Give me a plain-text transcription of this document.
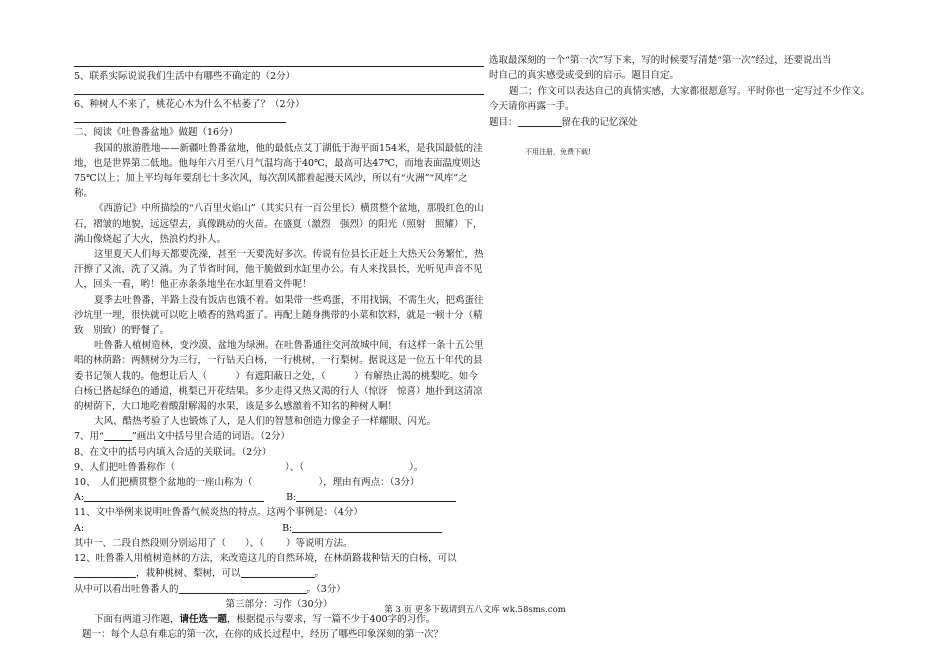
5、联系实际说说我们生活中有哪些不确定的（2分）
6、种树人不来了，桃花心木为什么不枯萎了？（2分）
二、阅读《吐鲁番盆地》做题（16分）
我国的旅游胜地——新疆吐鲁番盆地，他的最低点艾丁湖低于海平面154米，是我国最低的洼地，也是世界第二低地。他每年六月至八月气温均高于40℃，最高可达47℃，而地表面温度则达75℃以上；加上平均每年要刮七十多次风，每次刮风都着起漫天风沙，所以有“火洲”“风库”之称。
《西游记》中所描绘的“八百里火焰山”（其实只有一百公里长）横贯整个盆地，那殷红色的山石，褶皱的地貌，远远望去，真像跳动的火苗。在盛夏（激烈　强烈）的阳光（照射　照耀）下，满山像烧起了大火，热浪灼灼扑人。
这里夏天人们每天都要洗澡，甚至一天要洗好多次。传说有位县长正赶上大热天公务繁忙，热汗擦了又流，洗了又淌。为了节省时间，他干脆做到水缸里办公。有人来找县长，光听见声音不见人，回头一看，哟！他正赤条条地坐在水缸里看文件呢！
夏季去吐鲁番，半路上没有饭店也饿不着。如果带一些鸡蛋，不用找锅，不需生火，把鸡蛋往沙坑里一埋，很快就可以吃上喷香的熟鸡蛋了。再配上随身携带的小菜和饮料，就是一顿十分（精致　别致）的野餐了。
吐鲁番人植树造林，变沙漠、盆地为绿洲。在吐鲁番通往交河故城中间，有这样一条十五公里唱的林荫路：两侧树分为三行，一行钻天白杨，一行桃树，一行梨树。据说这是一位五十年代的县委书记领人栽的。他想让后人（　　　）有遮阳蔽日之处，（　　　）有解热止渴的桃梨吃。如今白杨已搭起绿色的通道，桃梨已开花结果。多少走得又热又渴的行人（惊讶　惊喜）地扑到这清凉的树荫下，大口地吃着酸甜解渴的水果，该是多么感激着不知名的种树人啊！
大风、酷热考验了人也锻炼了人，是人们的智慧和创造力像金子一样耀眼、闪光。
7、用“	”画出文中括号里合适的词语。（2分）
8、在文中的括号内填入合适的关联词。（2分）
9、人们把吐鲁番称作（	）、（	）。
10、　人们把横贯整个盆地的一座山称为（	），理由有两点：（3分）
A:	B:
11、文中举例来说明吐鲁番气候炎热的特点。这两个事例是：（4分）
A:	B:
其中一、二段自然段则分别运用了（　　）、（ ）等说明方法。
12、吐鲁番人用植树造林的方法，来改造这儿的自然环境，在林荫路栽种钻天的白杨，可以
，栽种桃树、梨树，可以	。
从中可以看出吐鲁番人的	。（3分）
第三部分：习作（30分）
下面有两道习作题，请任选一题，根据提示与要求，写一篇不少于400字的习作。
题一：每个人总有难忘的第一次，在你的成长过程中，经历了哪些印象深刻的第一次？
选取最深刻的一个“第一次”写下来，写的时候要写清楚“第一次”经过，还要说出当
时自己的真实感受或受到的启示。题目自定。
题二；作文可以表达自己的真情实感，大家都很愿意写。平时你也一定写过不少作文。
今天请你再露一手。
题目：	留在我的记忆深处
不用注册，免费下载!
第 3 页 更多下载请到五八文库 wk.58sms.com
